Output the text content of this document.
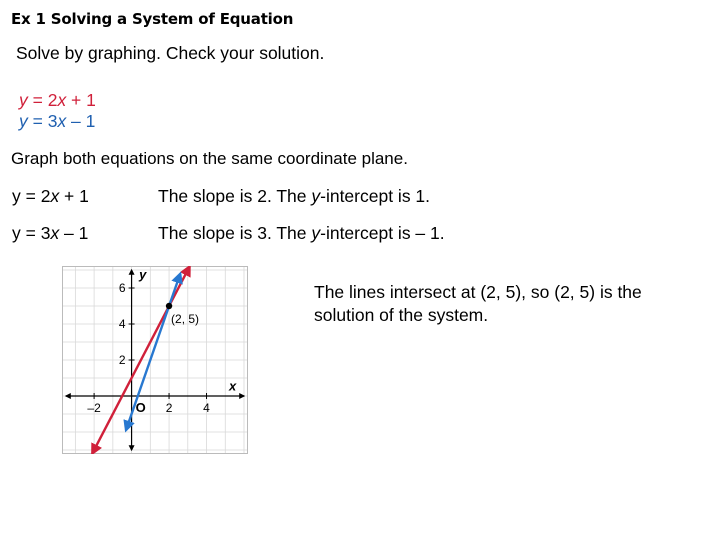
Ex 1 Solving a System of Equation
Solve by graphing. Check your solution.
y = 2x + 1
y = 3x – 1
Graph both equations on the same coordinate plane.
y = 2x + 1	The slope is 2. The y-intercept is 1.
y = 3x – 1	The slope is 3. The y-intercept is – 1.
x
y
–2	2	4
2
4
6
O
(2, 5)
The lines intersect at (2, 5), so (2, 5) is the solution of the system.
